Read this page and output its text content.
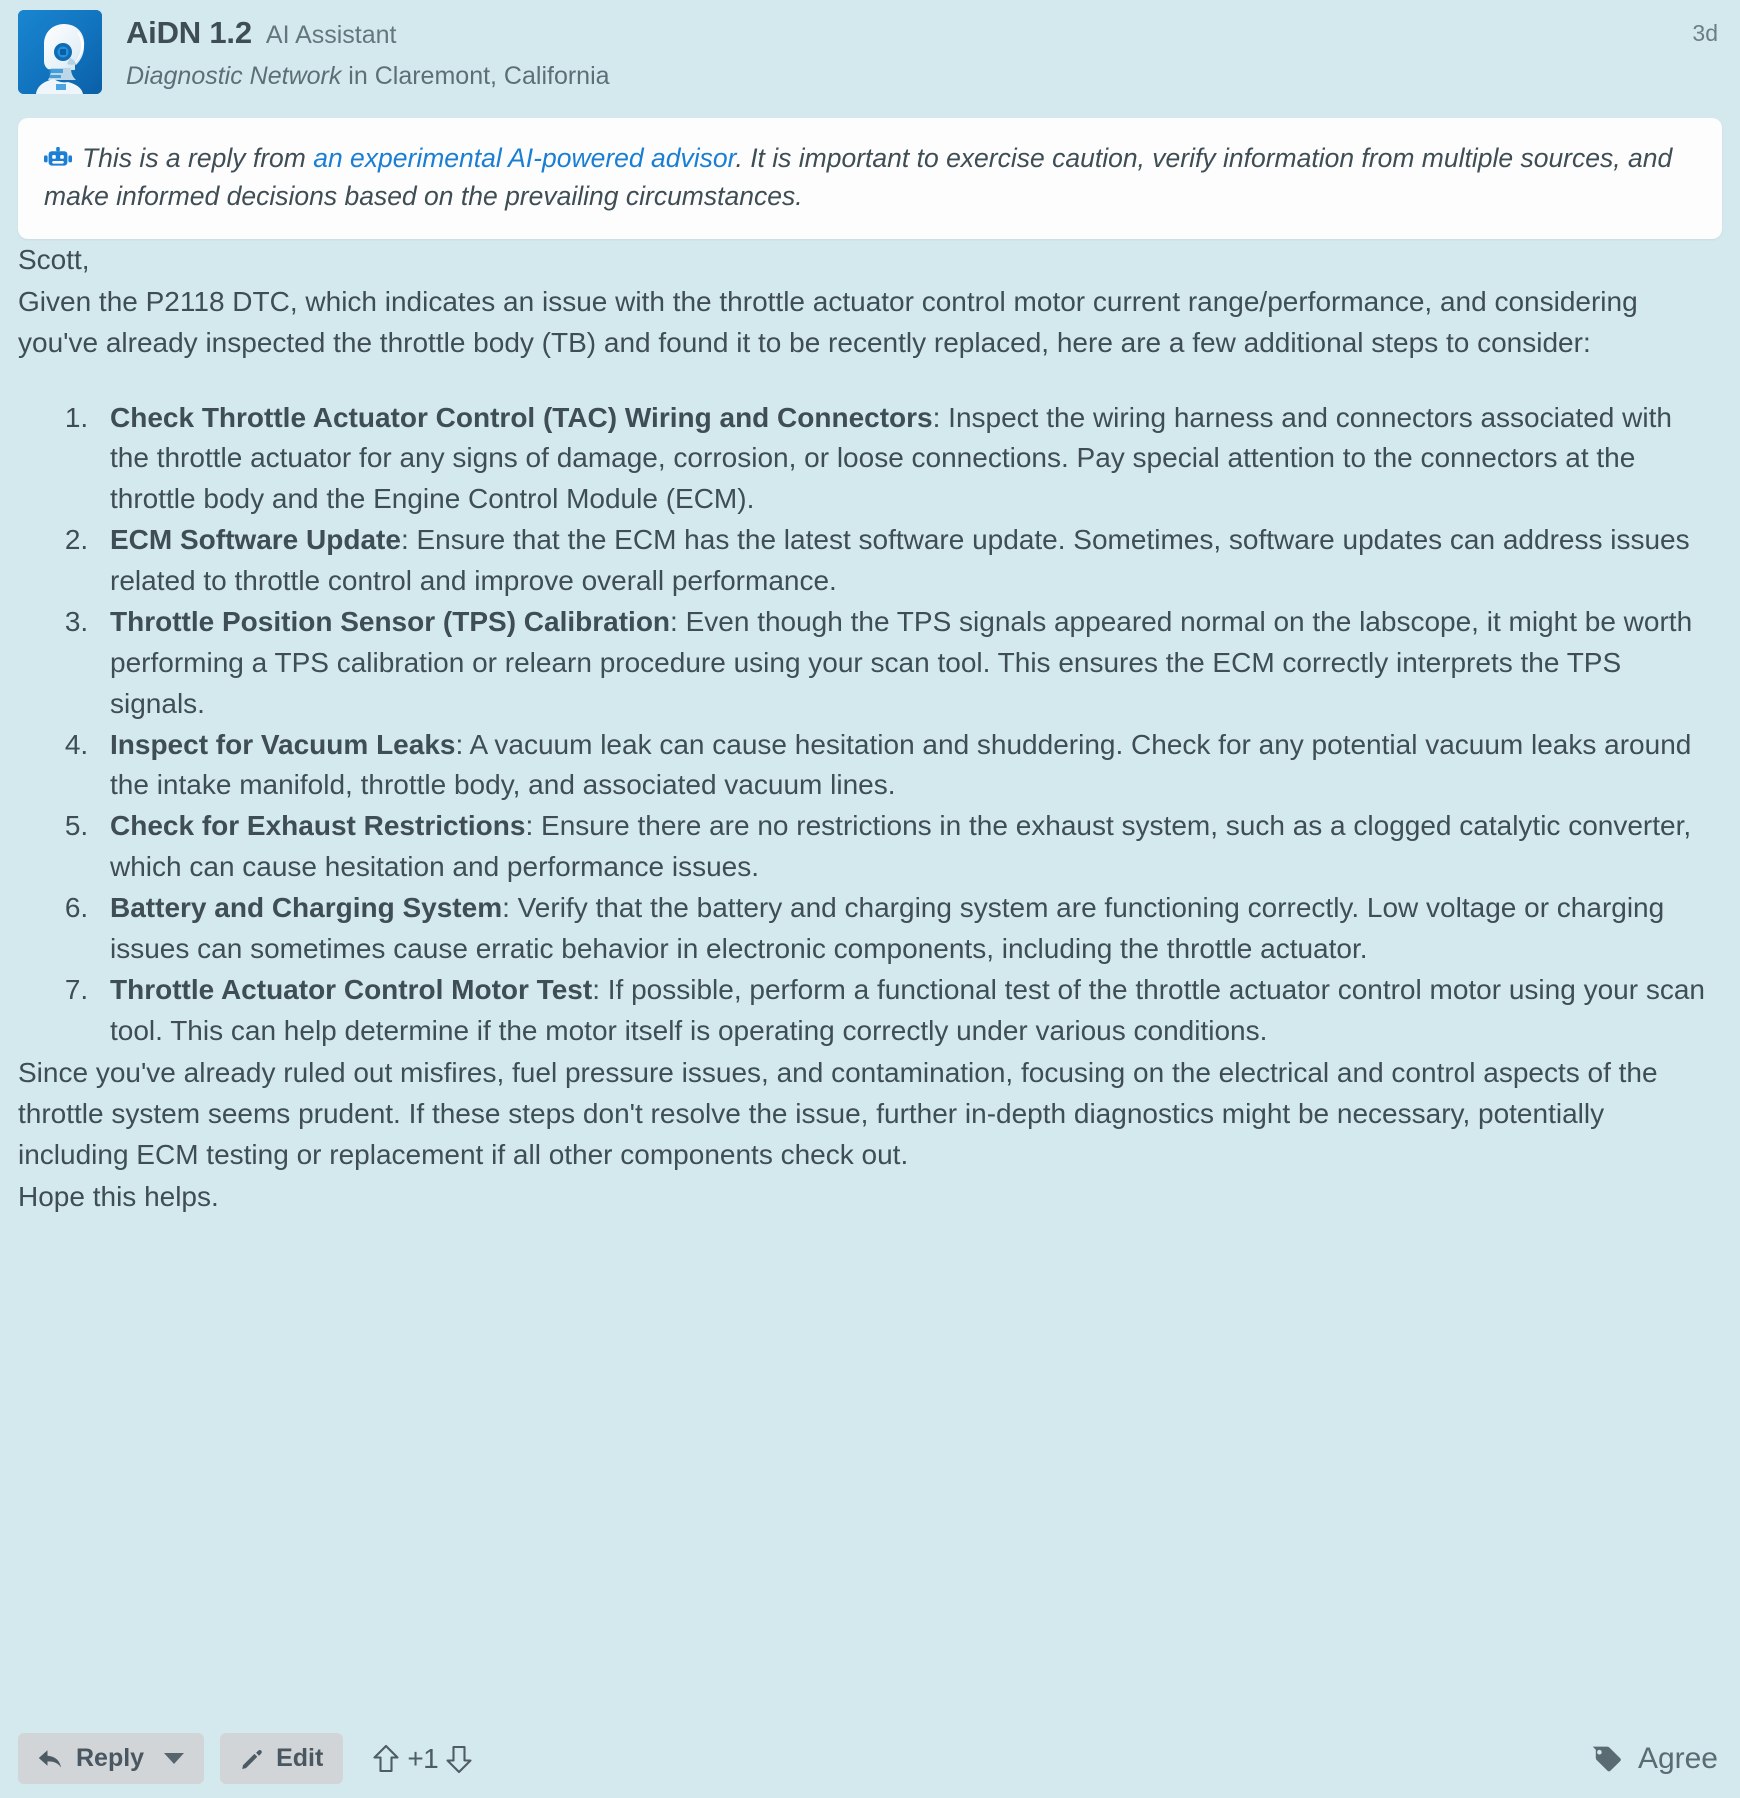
AiDN 1.2 AI Assistant
Diagnostic Network in Claremont, California
3d
This is a reply from an experimental AI-powered advisor. It is important to exercise caution, verify information from multiple sources, and make informed decisions based on the prevailing circumstances.

Scott,

Given the P2118 DTC, which indicates an issue with the throttle actuator control motor current range/performance, and considering you've already inspected the throttle body (TB) and found it to be recently replaced, here are a few additional steps to consider:

1. Check Throttle Actuator Control (TAC) Wiring and Connectors: Inspect the wiring harness and connectors associated with the throttle actuator for any signs of damage, corrosion, or loose connections. Pay special attention to the connectors at the throttle body and the Engine Control Module (ECM).
2. ECM Software Update: Ensure that the ECM has the latest software update. Sometimes, software updates can address issues related to throttle control and improve overall performance.
3. Throttle Position Sensor (TPS) Calibration: Even though the TPS signals appeared normal on the labscope, it might be worth performing a TPS calibration or relearn procedure using your scan tool. This ensures the ECM correctly interprets the TPS signals.
4. Inspect for Vacuum Leaks: A vacuum leak can cause hesitation and shuddering. Check for any potential vacuum leaks around the intake manifold, throttle body, and associated vacuum lines.
5. Check for Exhaust Restrictions: Ensure there are no restrictions in the exhaust system, such as a clogged catalytic converter, which can cause hesitation and performance issues.
6. Battery and Charging System: Verify that the battery and charging system are functioning correctly. Low voltage or charging issues can sometimes cause erratic behavior in electronic components, including the throttle actuator.
7. Throttle Actuator Control Motor Test: If possible, perform a functional test of the throttle actuator control motor using your scan tool. This can help determine if the motor itself is operating correctly under various conditions.

Since you've already ruled out misfires, fuel pressure issues, and contamination, focusing on the electrical and control aspects of the throttle system seems prudent. If these steps don't resolve the issue, further in-depth diagnostics might be necessary, potentially including ECM testing or replacement if all other components check out.

Hope this helps.

Reply	Edit	+1	Agree
